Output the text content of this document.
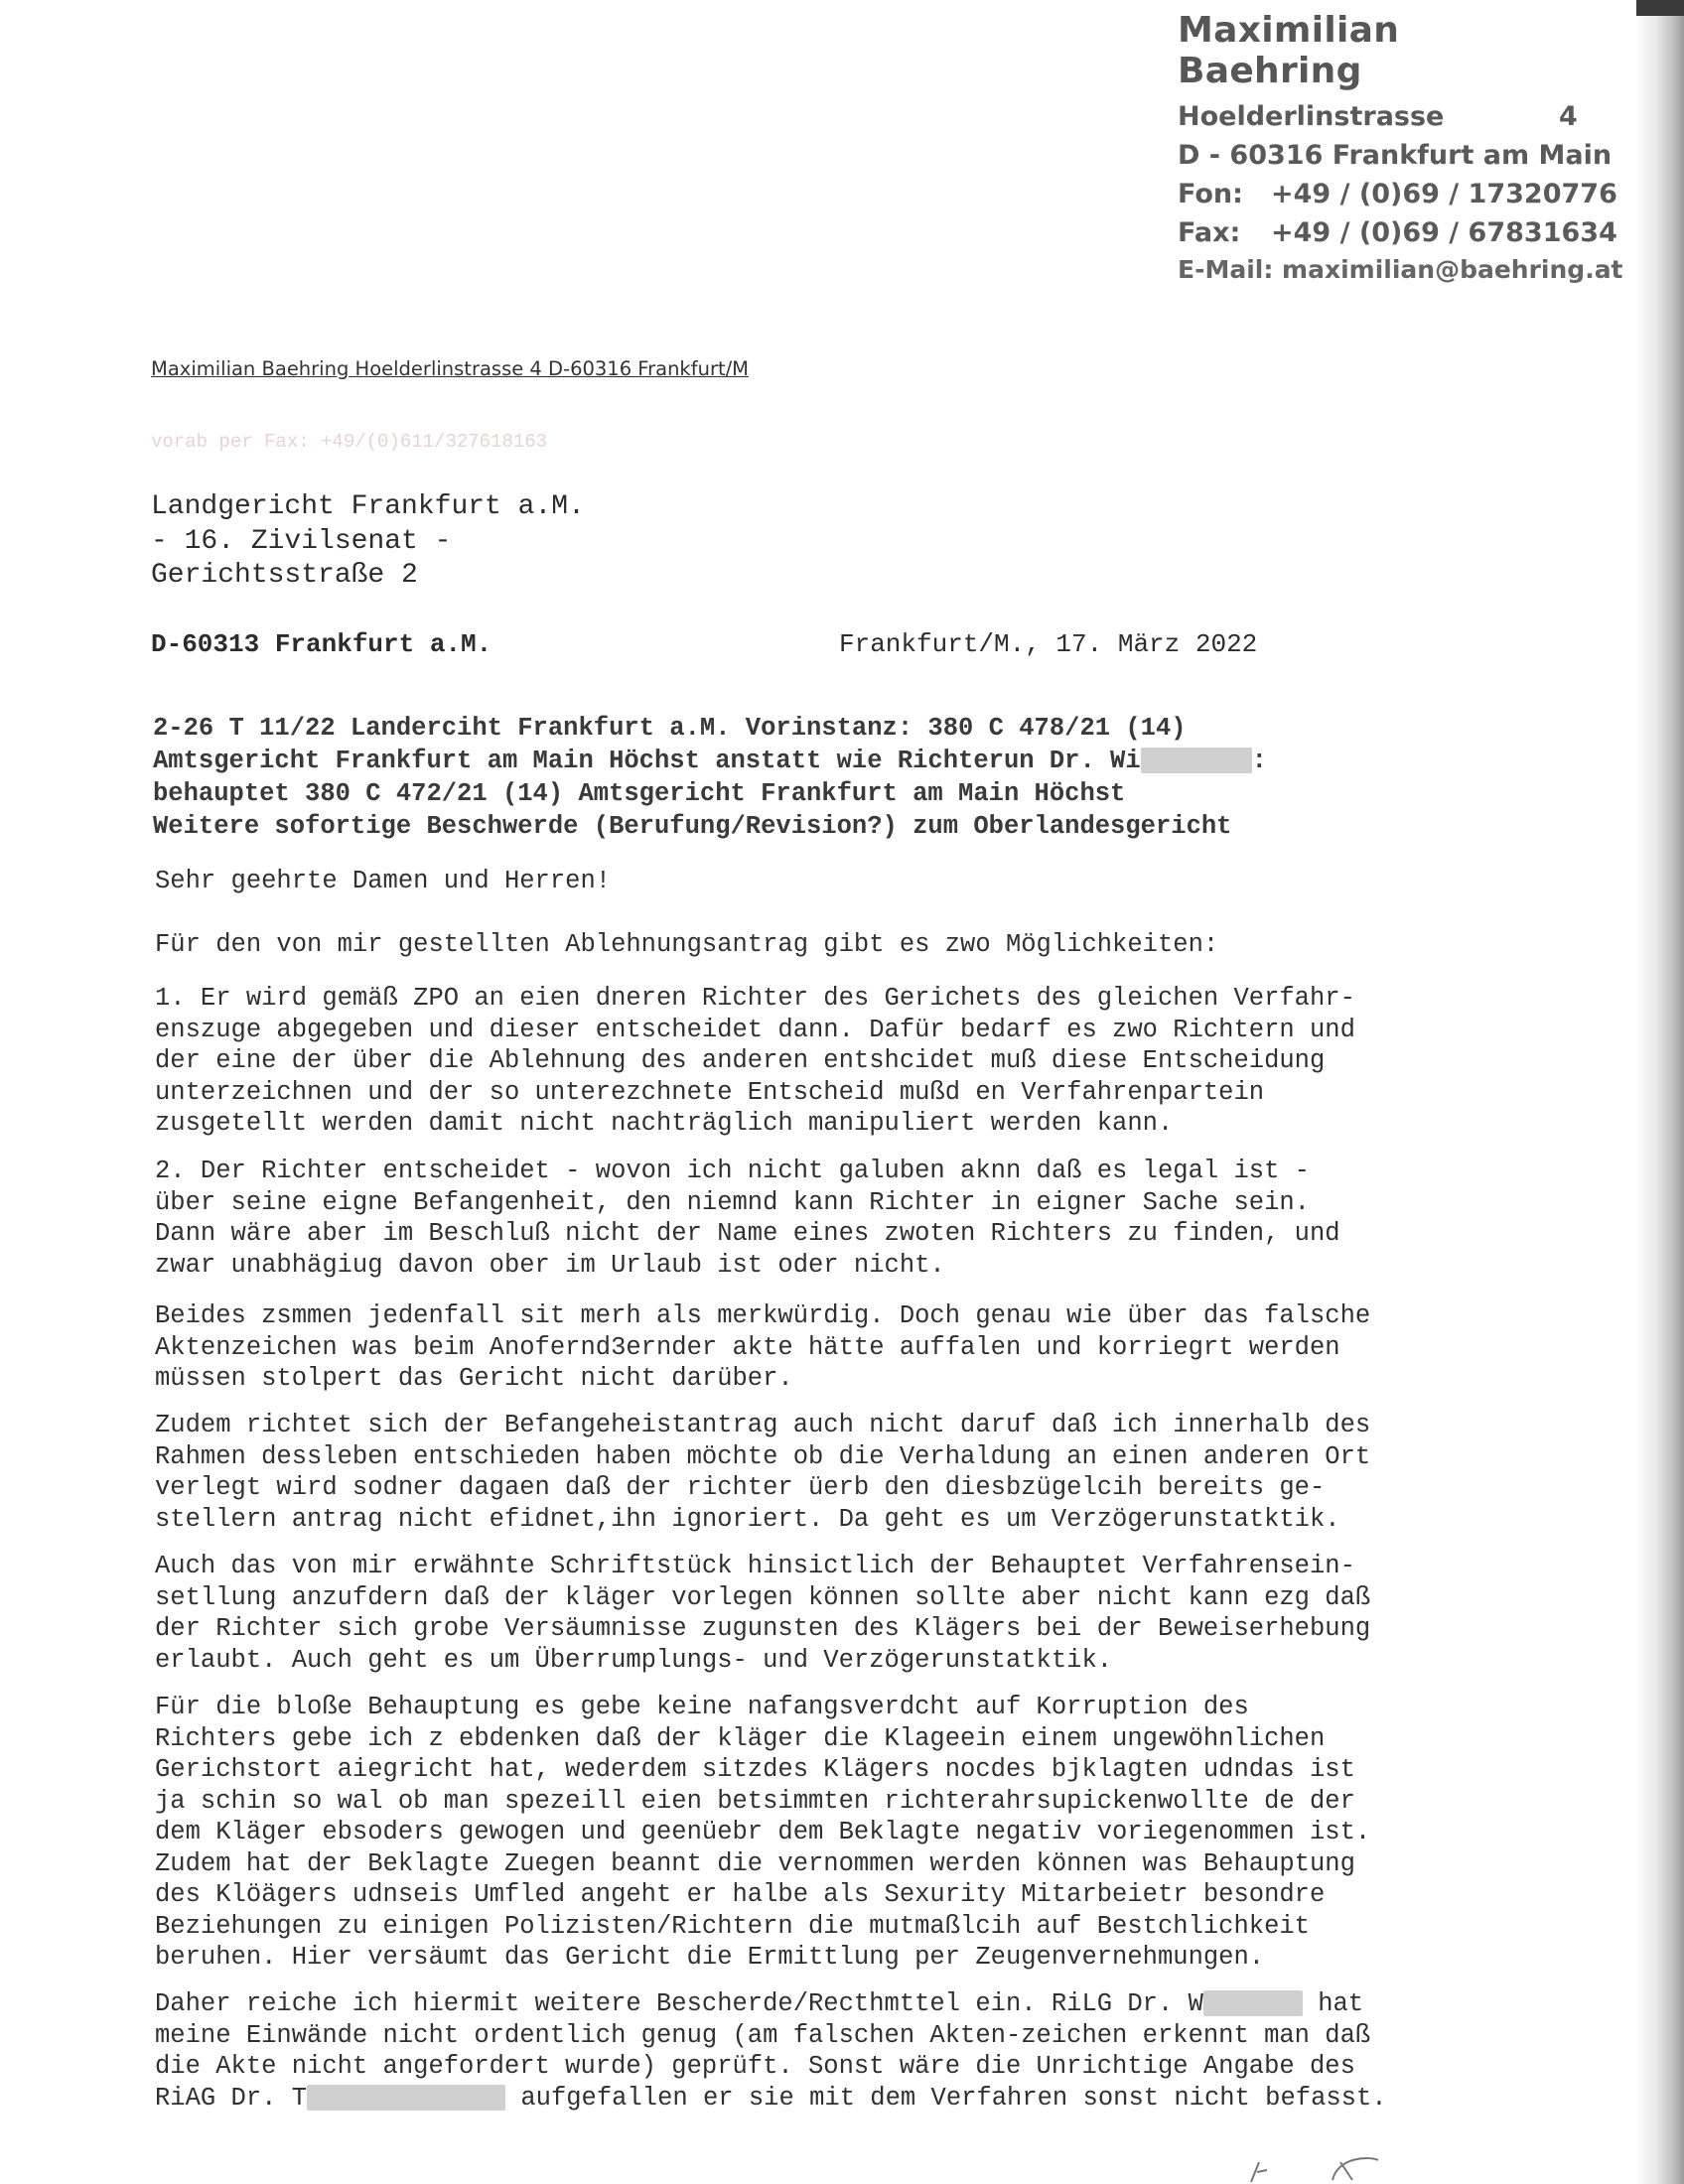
Maximilian Baehring
Hoelderlinstrasse	4
D - 60316 Frankfurt am Main
Fon: +49 / (0)69 / 17320776
Fax: +49 / (0)69 / 67831634
E-Mail: maximilian@baehring.at
Maximilian Baehring Hoelderlinstrasse 4 D-60316 Frankfurt/M
vorab per Fax: +49/(0)611/327618163
Landgericht Frankfurt a.M.
- 16. Zivilsenat -
Gerichtsstraße 2
D-60313 Frankfurt a.M.	Frankfurt/M., 17. März 2022
2-26 T 11/22 Landerciht Frankfurt a.M. Vorinstanz: 380 C 478/21 (14)
Amtsgericht Frankfurt am Main Höchst anstatt wie Richterun Dr. Wi	:
behauptet 380 C 472/21 (14) Amtsgericht Frankfurt am Main Höchst
Weitere sofortige Beschwerde (Berufung/Revision?) zum Oberlandesgericht
Sehr geehrte Damen und Herren!
Für den von mir gestellten Ablehnungsantrag gibt es zwo Möglichkeiten:
1. Er wird gemäß ZPO an eien dneren Richter des Gerichets des gleichen Verfahr-
enszuge abgegeben und dieser entscheidet dann. Dafür bedarf es zwo Richtern und
der eine der über die Ablehnung des anderen entshcidet muß diese Entscheidung
unterzeichnen und der so unterezchnete Entscheid mußd en Verfahrenpartein
zusgetellt werden damit nicht nachträglich manipuliert werden kann.
2. Der Richter entscheidet - wovon ich nicht galuben aknn daß es legal ist -
über seine eigne Befangenheit, den niemnd kann Richter in eigner Sache sein.
Dann wäre aber im Beschluß nicht der Name eines zwoten Richters zu finden, und
zwar unabhägiug davon ober im Urlaub ist oder nicht.
Beides zsmmen jedenfall sit merh als merkwürdig. Doch genau wie über das falsche
Aktenzeichen was beim Anofernd3ernder akte hätte auffalen und korriegrt werden
müssen stolpert das Gericht nicht darüber.
Zudem richtet sich der Befangeheistantrag auch nicht daruf daß ich innerhalb des
Rahmen dessleben entschieden haben möchte ob die Verhaldung an einen anderen Ort
verlegt wird sodner dagaen daß der richter üerb den diesbzügelcih bereits ge-
stellern antrag nicht efidnet,ihn ignoriert. Da geht es um Verzögerunstatktik.
Auch das von mir erwähnte Schriftstück hinsictlich der Behauptet Verfahrensein-
setllung anzufdern daß der kläger vorlegen können sollte aber nicht kann ezg daß
der Richter sich grobe Versäumnisse zugunsten des Klägers bei der Beweiserhebung
erlaubt. Auch geht es um Überrumplungs- und Verzögerunstatktik.
Für die bloße Behauptung es gebe keine nafangsverdcht auf Korruption des
Richters gebe ich z ebdenken daß der kläger die Klageein einem ungewöhnlichen
Gerichstort aiegricht hat, wederdem sitzdes Klägers nocdes bjklagten udndas ist
ja schin so wal ob man spezeill eien betsimmten richterahrsupickenwollte de der
dem Kläger ebsoders gewogen und geenüebr dem Beklagte negativ voriegenommen ist.
Zudem hat der Beklagte Zuegen beannt die vernommen werden können was Behauptung
des Klöägers udnseis Umfled angeht er halbe als Sexurity Mitarbeietr besondre
Beziehungen zu einigen Polizisten/Richtern die mutmaßlcih auf Bestchlichkeit
beruhen. Hier versäumt das Gericht die Ermittlung per Zeugenvernehmungen.
Daher reiche ich hiermit weitere Bescherde/Recthmttel ein. RiLG Dr. W	hat
meine Einwände nicht ordentlich genug (am falschen Akten-zeichen erkennt man daß
die Akte nicht angefordert wurde) geprüft. Sonst wäre die Unrichtige Angabe des
RiAG Dr. T	aufgefallen er sie mit dem Verfahren sonst nicht befasst.
